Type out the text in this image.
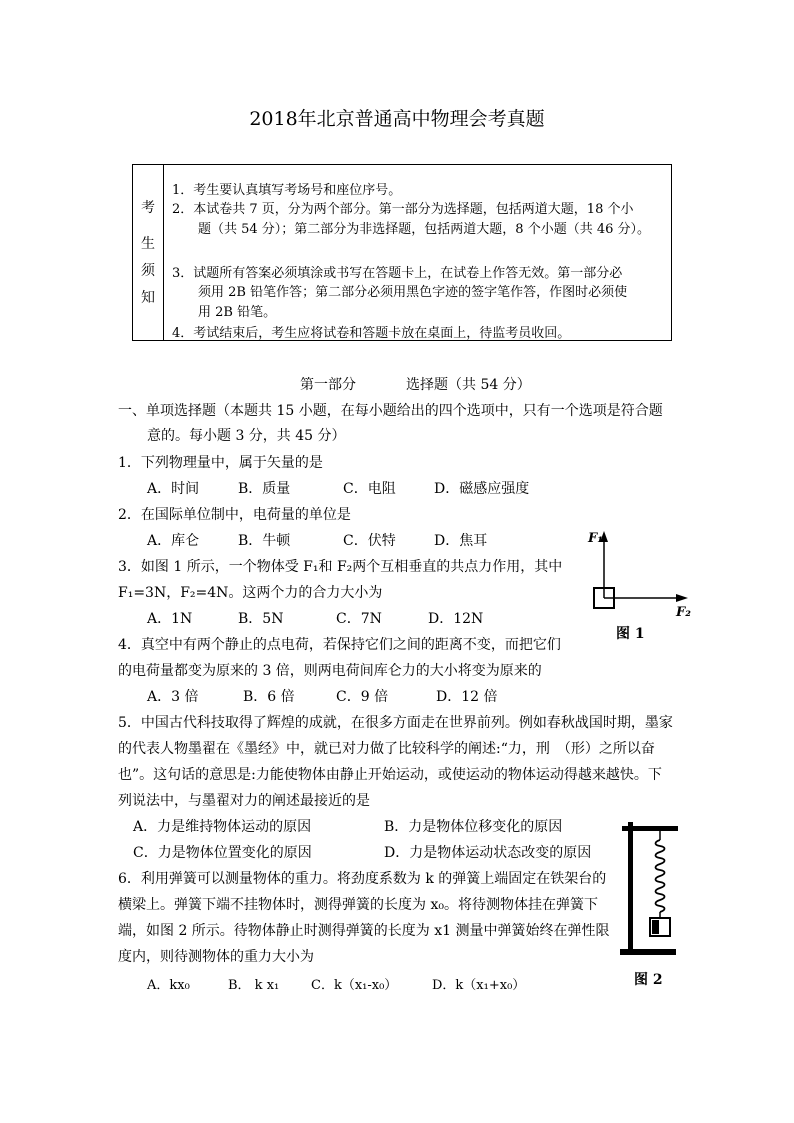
2018年北京普通高中物理会考真题
考
生
须
知
1．考生要认真填写考场号和座位序号。
2．本试卷共 7 页，分为两个部分。第一部分为选择题，包括两道大题，18 个小
题（共 54 分）；第二部分为非选择题，包括两道大题，8 个小题（共 46 分）。
3．试题所有答案必须填涂或书写在答题卡上，在试卷上作答无效。第一部分必
须用 2B 铅笔作答；第二部分必须用黑色字迹的签字笔作答，作图时必须使
用 2B 铅笔。
4．考试结束后，考生应将试卷和答题卡放在桌面上，待监考员收回。
第一部分	选择题（共 54 分）
一、单项选择题（本题共 15 小题，在每小题给出的四个选项中，只有一个选项是符合题
意的。每小题 3 分，共 45 分）
1．下列物理量中，属于矢量的是
A．时间	B．质量	C．电阻	D．磁感应强度
2．在国际单位制中，电荷量的单位是
A．库仑	B．牛顿	C．伏特	D．焦耳
3．如图 1 所示，一个物体受 F₁和 F₂两个互相垂直的共点力作用，其中
F₁=3N，F₂=4N。这两个力的合力大小为
A．1N	B．5N	C．7N	D．12N
F₁
F₂
图 1
4．真空中有两个静止的点电荷，若保持它们之间的距离不变，而把它们
的电荷量都变为原来的 3 倍，则两电荷间库仑力的大小将变为原来的
A．3 倍	B．6 倍	C．9 倍	D．12 倍
5．中国古代科技取得了辉煌的成就，在很多方面走在世界前列。例如春秋战国时期，墨家
的代表人物墨翟在《墨经》中，就已对力做了比较科学的阐述:“力，刑　（形）之所以奋
也”。这句话的意思是:力能使物体由静止开始运动，或使运动的物体运动得越来越快。下
列说法中，与墨翟对力的阐述最接近的是
A．力是维持物体运动的原因	B．力是物体位移变化的原因
C．力是物体位置变化的原因	D．力是物体运动状态改变的原因
6．利用弹簧可以测量物体的重力。将劲度系数为 k 的弹簧上端固定在铁架台的
横梁上。弹簧下端不挂物体时，测得弹簧的长度为 x₀。将待测物体挂在弹簧下
端，如图 2 所示。待物体静止时测得弹簧的长度为 x1 测量中弹簧始终在弹性限
度内，则待测物体的重力大小为
A．kx₀	B． k x₁ C．k（x₁-x₀）	D．k（x₁+x₀）	图 2
